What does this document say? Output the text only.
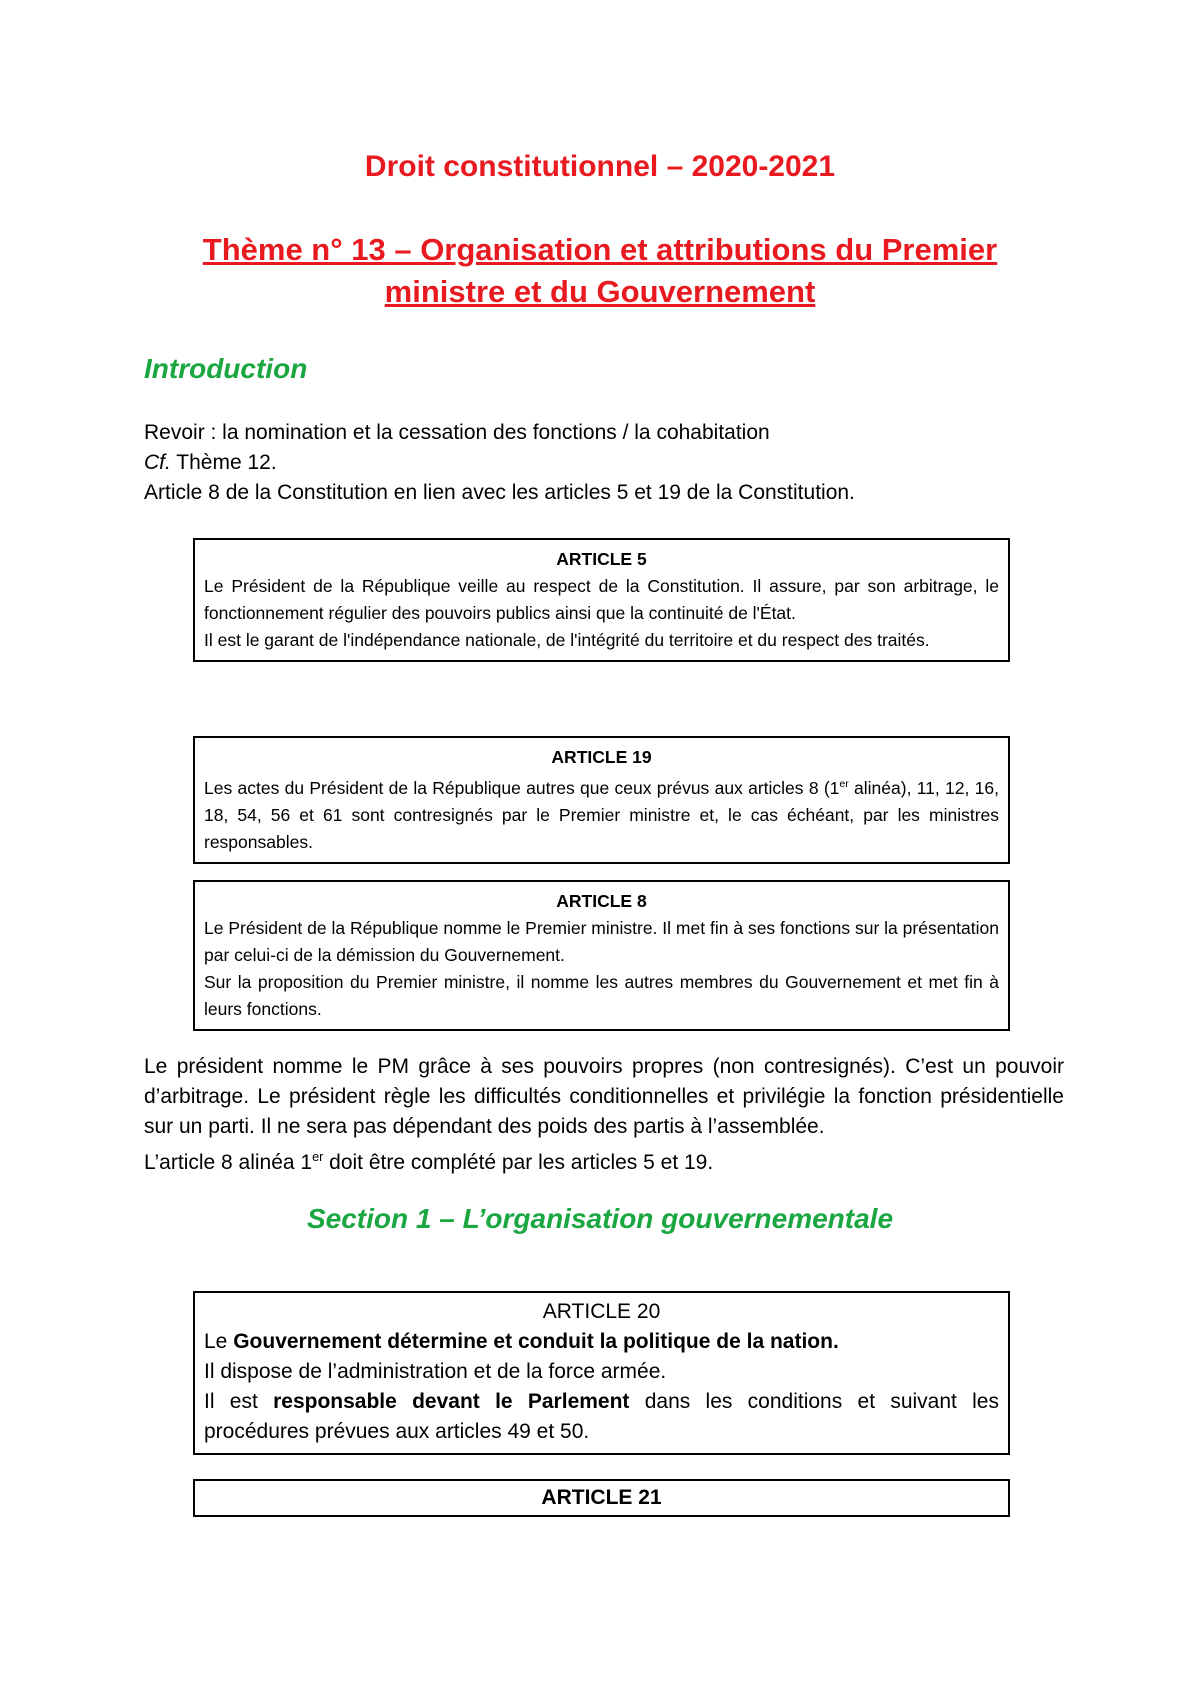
Droit constitutionnel – 2020-2021
Thème n° 13 – Organisation et attributions du Premier
ministre et du Gouvernement
Introduction
Revoir : la nomination et la cessation des fonctions / la cohabitation
Cf. Thème 12.
Article 8 de la Constitution en lien avec les articles 5 et 19 de la Constitution.
ARTICLE 5
Le Président de la République veille au respect de la Constitution. Il assure, par son arbitrage, le fonctionnement régulier des pouvoirs publics ainsi que la continuité de l'État.
Il est le garant de l'indépendance nationale, de l'intégrité du territoire et du respect des traités.
ARTICLE 19
Les actes du Président de la République autres que ceux prévus aux articles 8 (1er alinéa), 11, 12, 16, 18, 54, 56 et 61 sont contresignés par le Premier ministre et, le cas échéant, par les ministres responsables.
ARTICLE 8
Le Président de la République nomme le Premier ministre. Il met fin à ses fonctions sur la présentation par celui-ci de la démission du Gouvernement.
Sur la proposition du Premier ministre, il nomme les autres membres du Gouvernement et met fin à leurs fonctions.
Le président nomme le PM grâce à ses pouvoirs propres (non contresignés). C’est un pouvoir d’arbitrage. Le président règle les difficultés conditionnelles et privilégie la fonction présidentielle sur un parti. Il ne sera pas dépendant des poids des partis à l’assemblée.
L’article 8 alinéa 1er doit être complété par les articles 5 et 19.
Section 1 – L’organisation gouvernementale
ARTICLE 20
Le Gouvernement détermine et conduit la politique de la nation.
Il dispose de l’administration et de la force armée.
Il est responsable devant le Parlement dans les conditions et suivant les procédures prévues aux articles 49 et 50.
ARTICLE 21
